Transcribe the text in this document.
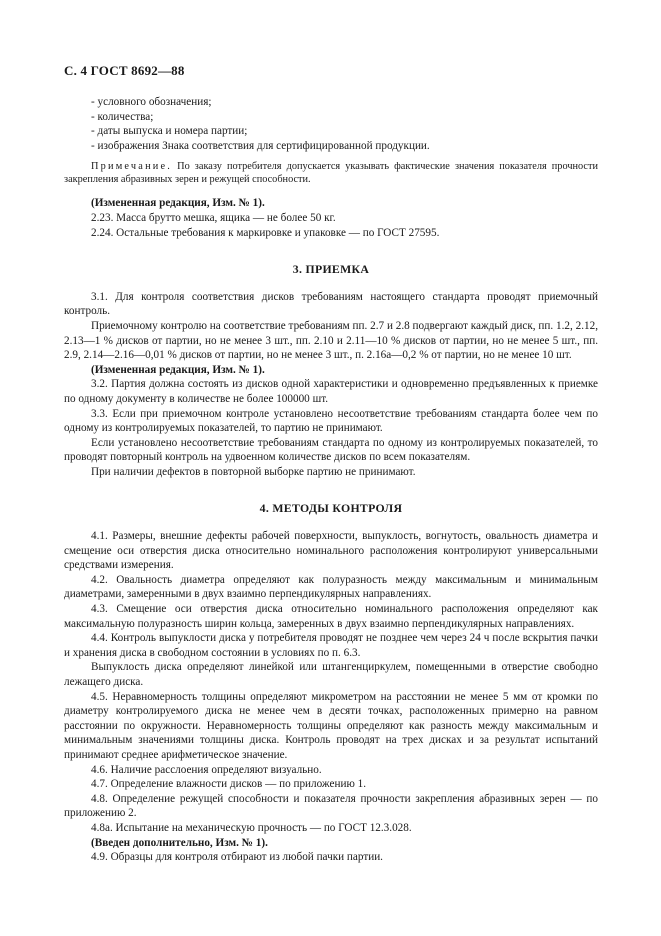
С. 4 ГОСТ 8692—88

- условного обозначения;

- количества;

- даты выпуска и номера партии;

- изображения Знака соответствия для сертифицированной продукции.

Примечание. По заказу потребителя допускается указывать фактические значения показателя прочности закрепления абразивных зерен и режущей способности.

(Измененная редакция, Изм. № 1).

2.23. Масса брутто мешка, ящика — не более 50 кг.

2.24. Остальные требования к маркировке и упаковке — по ГОСТ 27595.

3. ПРИЕМКА

3.1. Для контроля соответствия дисков требованиям настоящего стандарта проводят приемочный контроль.

Приемочному контролю на соответствие требованиям пп. 2.7 и 2.8 подвергают каждый диск, пп. 1.2, 2.12, 2.13—1 % дисков от партии, но не менее 3 шт., пп. 2.10 и 2.11—10 % дисков от партии, но не менее 5 шт., пп. 2.9, 2.14—2.16—0,01 % дисков от партии, но не менее 3 шт., п. 2.16а—0,2 % от партии, но не менее 10 шт.

(Измененная редакция, Изм. № 1).

3.2. Партия должна состоять из дисков одной характеристики и одновременно предъявленных к приемке по одному документу в количестве не более 100000 шт.

3.3. Если при приемочном контроле установлено несоответствие требованиям стандарта более чем по одному из контролируемых показателей, то партию не принимают.

Если установлено несоответствие требованиям стандарта по одному из контролируемых показателей, то проводят повторный контроль на удвоенном количестве дисков по всем показателям.

При наличии дефектов в повторной выборке партию не принимают.

4. МЕТОДЫ КОНТРОЛЯ

4.1. Размеры, внешние дефекты рабочей поверхности, выпуклость, вогнутость, овальность диаметра и смещение оси отверстия диска относительно номинального расположения контролируют универсальными средствами измерения.

4.2. Овальность диаметра определяют как полуразность между максимальным и минимальным диаметрами, замеренными в двух взаимно перпендикулярных направлениях.

4.3. Смещение оси отверстия диска относительно номинального расположения определяют как максимальную полуразность ширин кольца, замеренных в двух взаимно перпендикулярных направлениях.

4.4. Контроль выпуклости диска у потребителя проводят не позднее чем через 24 ч после вскрытия пачки и хранения диска в свободном состоянии в условиях по п. 6.3.

Выпуклость диска определяют линейкой или штангенциркулем, помещенными в отверстие свободно лежащего диска.

4.5. Неравномерность толщины определяют микрометром на расстоянии не менее 5 мм от кромки по диаметру контролируемого диска не менее чем в десяти точках, расположенных примерно на равном расстоянии по окружности. Неравномерность толщины определяют как разность между максимальным и минимальным значениями толщины диска. Контроль проводят на трех дисках и за результат испытаний принимают среднее арифметическое значение.

4.6. Наличие расслоения определяют визуально.

4.7. Определение влажности дисков — по приложению 1.

4.8. Определение режущей способности и показателя прочности закрепления абразивных зерен — по приложению 2.

4.8а. Испытание на механическую прочность — по ГОСТ 12.3.028.

(Введен дополнительно, Изм. № 1).

4.9. Образцы для контроля отбирают из любой пачки партии.
